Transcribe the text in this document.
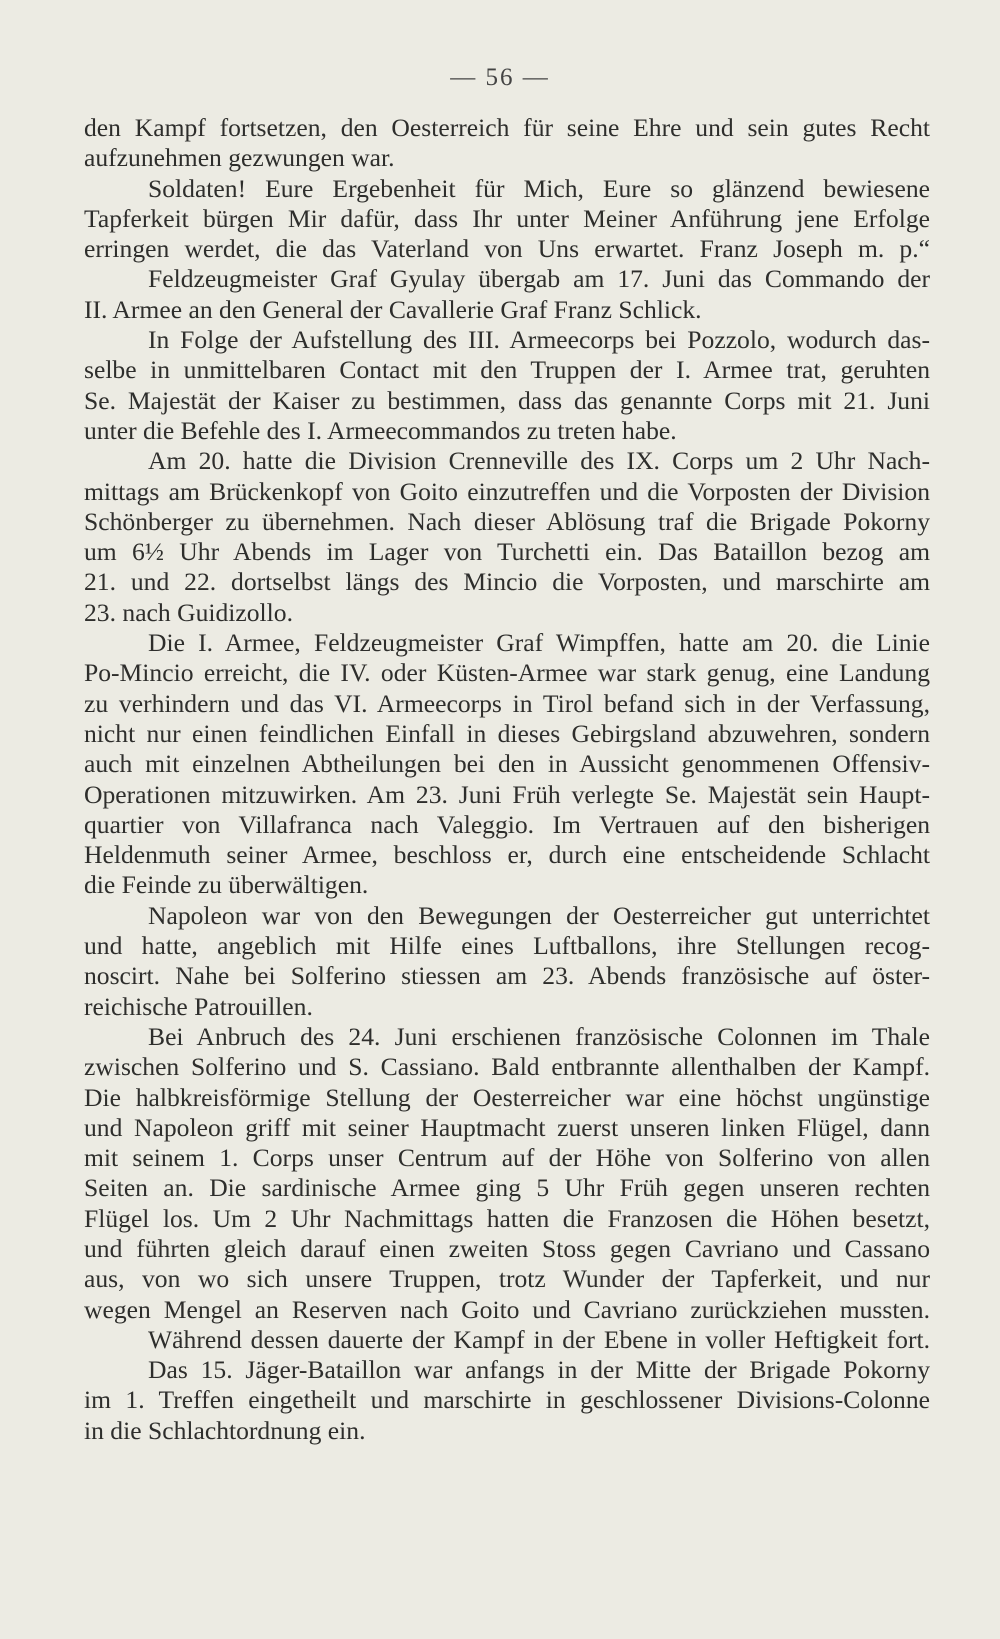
— 56 —
den Kampf fortsetzen, den Oesterreich für seine Ehre und sein gutes Recht
aufzunehmen gezwungen war.
Soldaten! Eure Ergebenheit für Mich, Eure so glänzend bewiesene
Tapferkeit bürgen Mir dafür, dass Ihr unter Meiner Anführung jene Erfolge
erringen werdet, die das Vaterland von Uns erwartet. Franz Joseph m. p.“
Feldzeugmeister Graf Gyulay übergab am 17. Juni das Commando der
II. Armee an den General der Cavallerie Graf Franz Schlick.
In Folge der Aufstellung des III. Armeecorps bei Pozzolo, wodurch das-
selbe in unmittelbaren Contact mit den Truppen der I. Armee trat, geruhten
Se. Majestät der Kaiser zu bestimmen, dass das genannte Corps mit 21. Juni
unter die Befehle des I. Armeecommandos zu treten habe.
Am 20. hatte die Division Crenneville des IX. Corps um 2 Uhr Nach-
mittags am Brückenkopf von Goito einzutreffen und die Vorposten der Division
Schönberger zu übernehmen. Nach dieser Ablösung traf die Brigade Pokorny
um 6½ Uhr Abends im Lager von Turchetti ein. Das Bataillon bezog am
21. und 22. dortselbst längs des Mincio die Vorposten, und marschirte am
23. nach Guidizollo.
Die I. Armee, Feldzeugmeister Graf Wimpffen, hatte am 20. die Linie
Po-Mincio erreicht, die IV. oder Küsten-Armee war stark genug, eine Landung
zu verhindern und das VI. Armeecorps in Tirol befand sich in der Verfassung,
nicht nur einen feindlichen Einfall in dieses Gebirgsland abzuwehren, sondern
auch mit einzelnen Abtheilungen bei den in Aussicht genommenen Offensiv-
Operationen mitzuwirken. Am 23. Juni Früh verlegte Se. Majestät sein Haupt-
quartier von Villafranca nach Valeggio. Im Vertrauen auf den bisherigen
Heldenmuth seiner Armee, beschloss er, durch eine entscheidende Schlacht
die Feinde zu überwältigen.
Napoleon war von den Bewegungen der Oesterreicher gut unterrichtet
und hatte, angeblich mit Hilfe eines Luftballons, ihre Stellungen recog-
noscirt. Nahe bei Solferino stiessen am 23. Abends französische auf öster-
reichische Patrouillen.
Bei Anbruch des 24. Juni erschienen französische Colonnen im Thale
zwischen Solferino und S. Cassiano. Bald entbrannte allenthalben der Kampf.
Die halbkreisförmige Stellung der Oesterreicher war eine höchst ungünstige
und Napoleon griff mit seiner Hauptmacht zuerst unseren linken Flügel, dann
mit seinem 1. Corps unser Centrum auf der Höhe von Solferino von allen
Seiten an. Die sardinische Armee ging 5 Uhr Früh gegen unseren rechten
Flügel los. Um 2 Uhr Nachmittags hatten die Franzosen die Höhen besetzt,
und führten gleich darauf einen zweiten Stoss gegen Cavriano und Cassano
aus, von wo sich unsere Truppen, trotz Wunder der Tapferkeit, und nur
wegen Mengel an Reserven nach Goito und Cavriano zurückziehen mussten.
Während dessen dauerte der Kampf in der Ebene in voller Heftigkeit fort.
Das 15. Jäger-Bataillon war anfangs in der Mitte der Brigade Pokorny
im 1. Treffen eingetheilt und marschirte in geschlossener Divisions-Colonne
in die Schlachtordnung ein.
